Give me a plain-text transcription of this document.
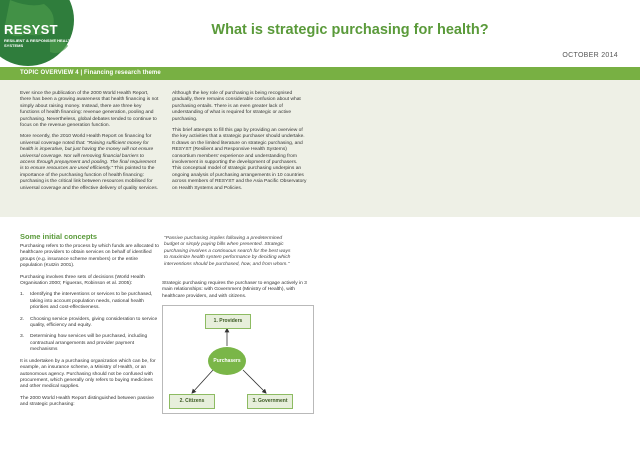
RESYST
RESILIENT & RESPONSIVE HEALTH SYSTEMS
What is strategic purchasing for health?
OCTOBER 2014
TOPIC OVERVIEW 4 | Financing research theme

Ever since the publication of the 2000 World Health Report, there has been a growing awareness that health financing is not simply about raising money. Instead, there are three key functions of health financing: revenue generation, pooling and purchasing. Nevertheless, global debates tended to continue to focus on the revenue generation function.

More recently, the 2010 World Health Report on financing for universal coverage noted that: "Raising sufficient money for health is imperative, but just having the money will not ensure universal coverage. Nor will removing financial barriers to access through prepayment and pooling. The final requirement is to ensure resources are used efficiently." This pointed to the importance of the purchasing function of health financing: purchasing is the critical link between resources mobilised for universal coverage and the effective delivery of quality services.

Although the key role of purchasing is being recognised gradually, there remains considerable confusion about what purchasing entails. There is an even greater lack of understanding of what is required for strategic or active purchasing.

This brief attempts to fill this gap by providing an overview of the key activities that a strategic purchaser should undertake. It draws on the limited literature on strategic purchasing, and RESYST (Resilient and Responsive Health Systems) consortium members' experience and understanding from involvement in supporting the development of purchasers. This conceptual model of strategic purchasing underpins an ongoing analysis of purchasing arrangements in 10 countries across members of RESYST and the Asia Pacific Observatory on Health Systems and Policies.

Some initial concepts

Purchasing refers to the process by which funds are allocated to healthcare providers to obtain services on behalf of identified groups (e.g. insurance scheme members) or the entire population (Kutzin 2001).

Purchasing involves three sets of decisions (World Health Organisation 2000; Figueras, Robinson et al. 2005):

1. Identifying the interventions or services to be purchased, taking into account population needs, national health priorities and cost-effectiveness.
2. Choosing service providers, giving consideration to service quality, efficiency and equity.
3. Determining how services will be purchased, including contractual arrangements and provider payment mechanisms

It is undertaken by a purchasing organization which can be, for example, an insurance scheme, a Ministry of Health, or an autonomous agency. Purchasing should not be confused with procurement, which generally only refers to buying medicines and other medical supplies.

The 2000 World Health Report distinguished between passive and strategic purchasing:

"Passive purchasing implies following a predetermined budget or simply paying bills when presented. Strategic purchasing involves a continuous search for the best ways to maximize health system performance by deciding which interventions should be purchased, how, and from whom."

Strategic purchasing requires the purchaser to engage actively in 3 main relationships: with Government (Ministry of Health), with healthcare providers, and with citizens.

1. Providers
Purchasers
2. Citizens	3. Government
